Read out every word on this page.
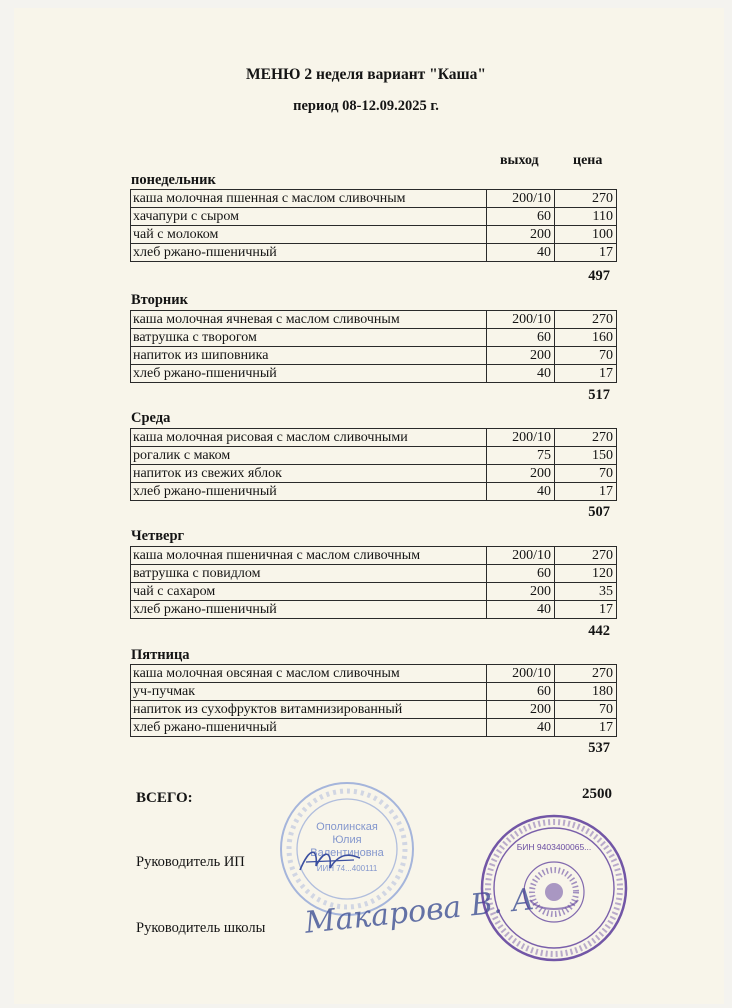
МЕНЮ 2 неделя вариант "Каша"
период 08-12.09.2025 г.
выход цена
понедельник
каша молочная пшенная с маслом сливочным	200/10	270
хачапури с сыром	60	110
чай с молоком	200	100
хлеб ржано-пшеничный	40	17
497
Вторник
каша молочная ячневая с маслом сливочным	200/10	270
ватрушка с творогом	60	160
напиток из шиповника	200	70
хлеб ржано-пшеничный	40	17
517
Среда
каша молочная рисовая с маслом сливочными	200/10	270
рогалик с маком	75	150
напиток из свежих яблок	200	70
хлеб ржано-пшеничный	40	17
507
Четверг
каша молочная пшеничная с маслом сливочным	200/10	270
ватрушка с повидлом	60	120
чай с сахаром	200	35
хлеб ржано-пшеничный	40	17
442
Пятница
каша молочная овсяная с маслом сливочным	200/10	270
уч-пучмак	60	180
напиток из сухофруктов витамнизированный	200	70
хлеб ржано-пшеничный	40	17
537
ВСЕГО:	2500
Руководитель ИП
Руководитель школы
Ополинская
Юлия
Валентиновна
ИИН 74...400111
Макарова В. А
БИН 9403400065...
